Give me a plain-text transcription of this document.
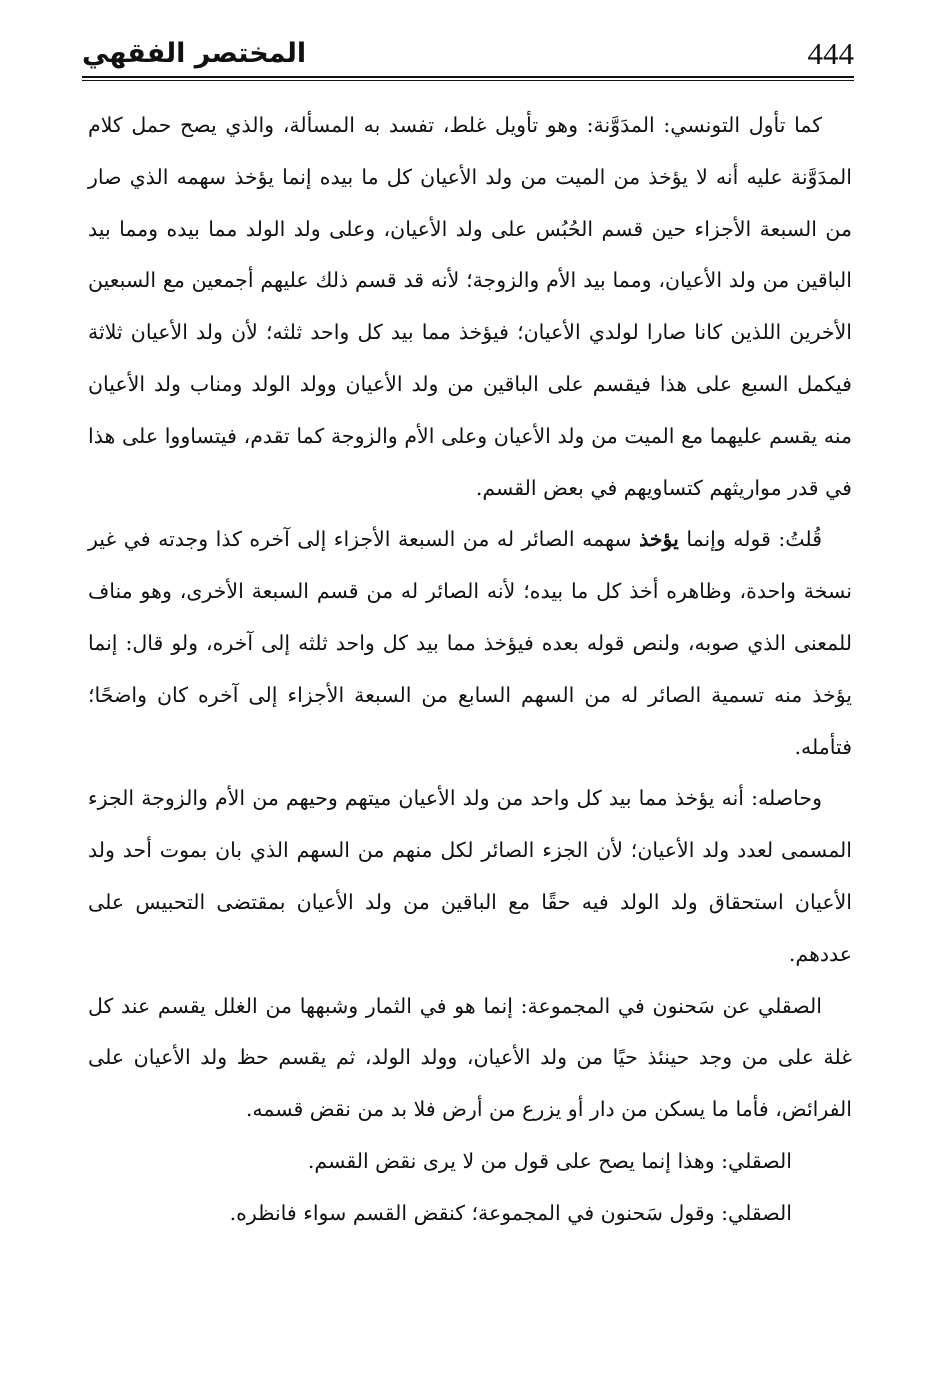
المختصر الفقهي	444

كما تأول التونسي: المدَوَّنة: وهو تأويل غلط، تفسد به المسألة، والذي يصح حمل كلام المدَوَّنة عليه أنه لا يؤخذ من الميت من ولد الأعيان كل ما بيده إنما يؤخذ سهمه الذي صار من السبعة الأجزاء حين قسم الحُبُس على ولد الأعيان، وعلى ولد الولد مما بيده ومما بيد الباقين من ولد الأعيان، ومما بيد الأم والزوجة؛ لأنه قد قسم ذلك عليهم أجمعين مع السبعين الأخرين اللذين كانا صارا لولدي الأعيان؛ فيؤخذ مما بيد كل واحد ثلثه؛ لأن ولد الأعيان ثلاثة فيكمل السبع على هذا فيقسم على الباقين من ولد الأعيان وولد الولد ومناب ولد الأعيان منه يقسم عليهما مع الميت من ولد الأعيان وعلى الأم والزوجة كما تقدم، فيتساووا على هذا في قدر مواريثهم كتساويهم في بعض القسم.

قُلتُ: قوله وإنما يؤخذ سهمه الصائر له من السبعة الأجزاء إلى آخره كذا وجدته في غير نسخة واحدة، وظاهره أخذ كل ما بيده؛ لأنه الصائر له من قسم السبعة الأخرى، وهو مناف للمعنى الذي صوبه، ولنص قوله بعده فيؤخذ مما بيد كل واحد ثلثه إلى آخره، ولو قال: إنما يؤخذ منه تسمية الصائر له من السهم السابع من السبعة الأجزاء إلى آخره كان واضحًا؛ فتأمله.

وحاصله: أنه يؤخذ مما بيد كل واحد من ولد الأعيان ميتهم وحيهم من الأم والزوجة الجزء المسمى لعدد ولد الأعيان؛ لأن الجزء الصائر لكل منهم من السهم الذي بان بموت أحد ولد الأعيان استحقاق ولد الولد فيه حقًا مع الباقين من ولد الأعيان بمقتضى التحبيس على عددهم.

الصقلي عن سَحنون في المجموعة: إنما هو في الثمار وشبهها من الغلل يقسم عند كل غلة على من وجد حينئذ حيًا من ولد الأعيان، وولد الولد، ثم يقسم حظ ولد الأعيان على الفرائض، فأما ما يسكن من دار أو يزرع من أرض فلا بد من نقض قسمه.

الصقلي: وهذا إنما يصح على قول من لا يرى نقض القسم.

الصقلي: وقول سَحنون في المجموعة؛ كنقض القسم سواء فانظره.
